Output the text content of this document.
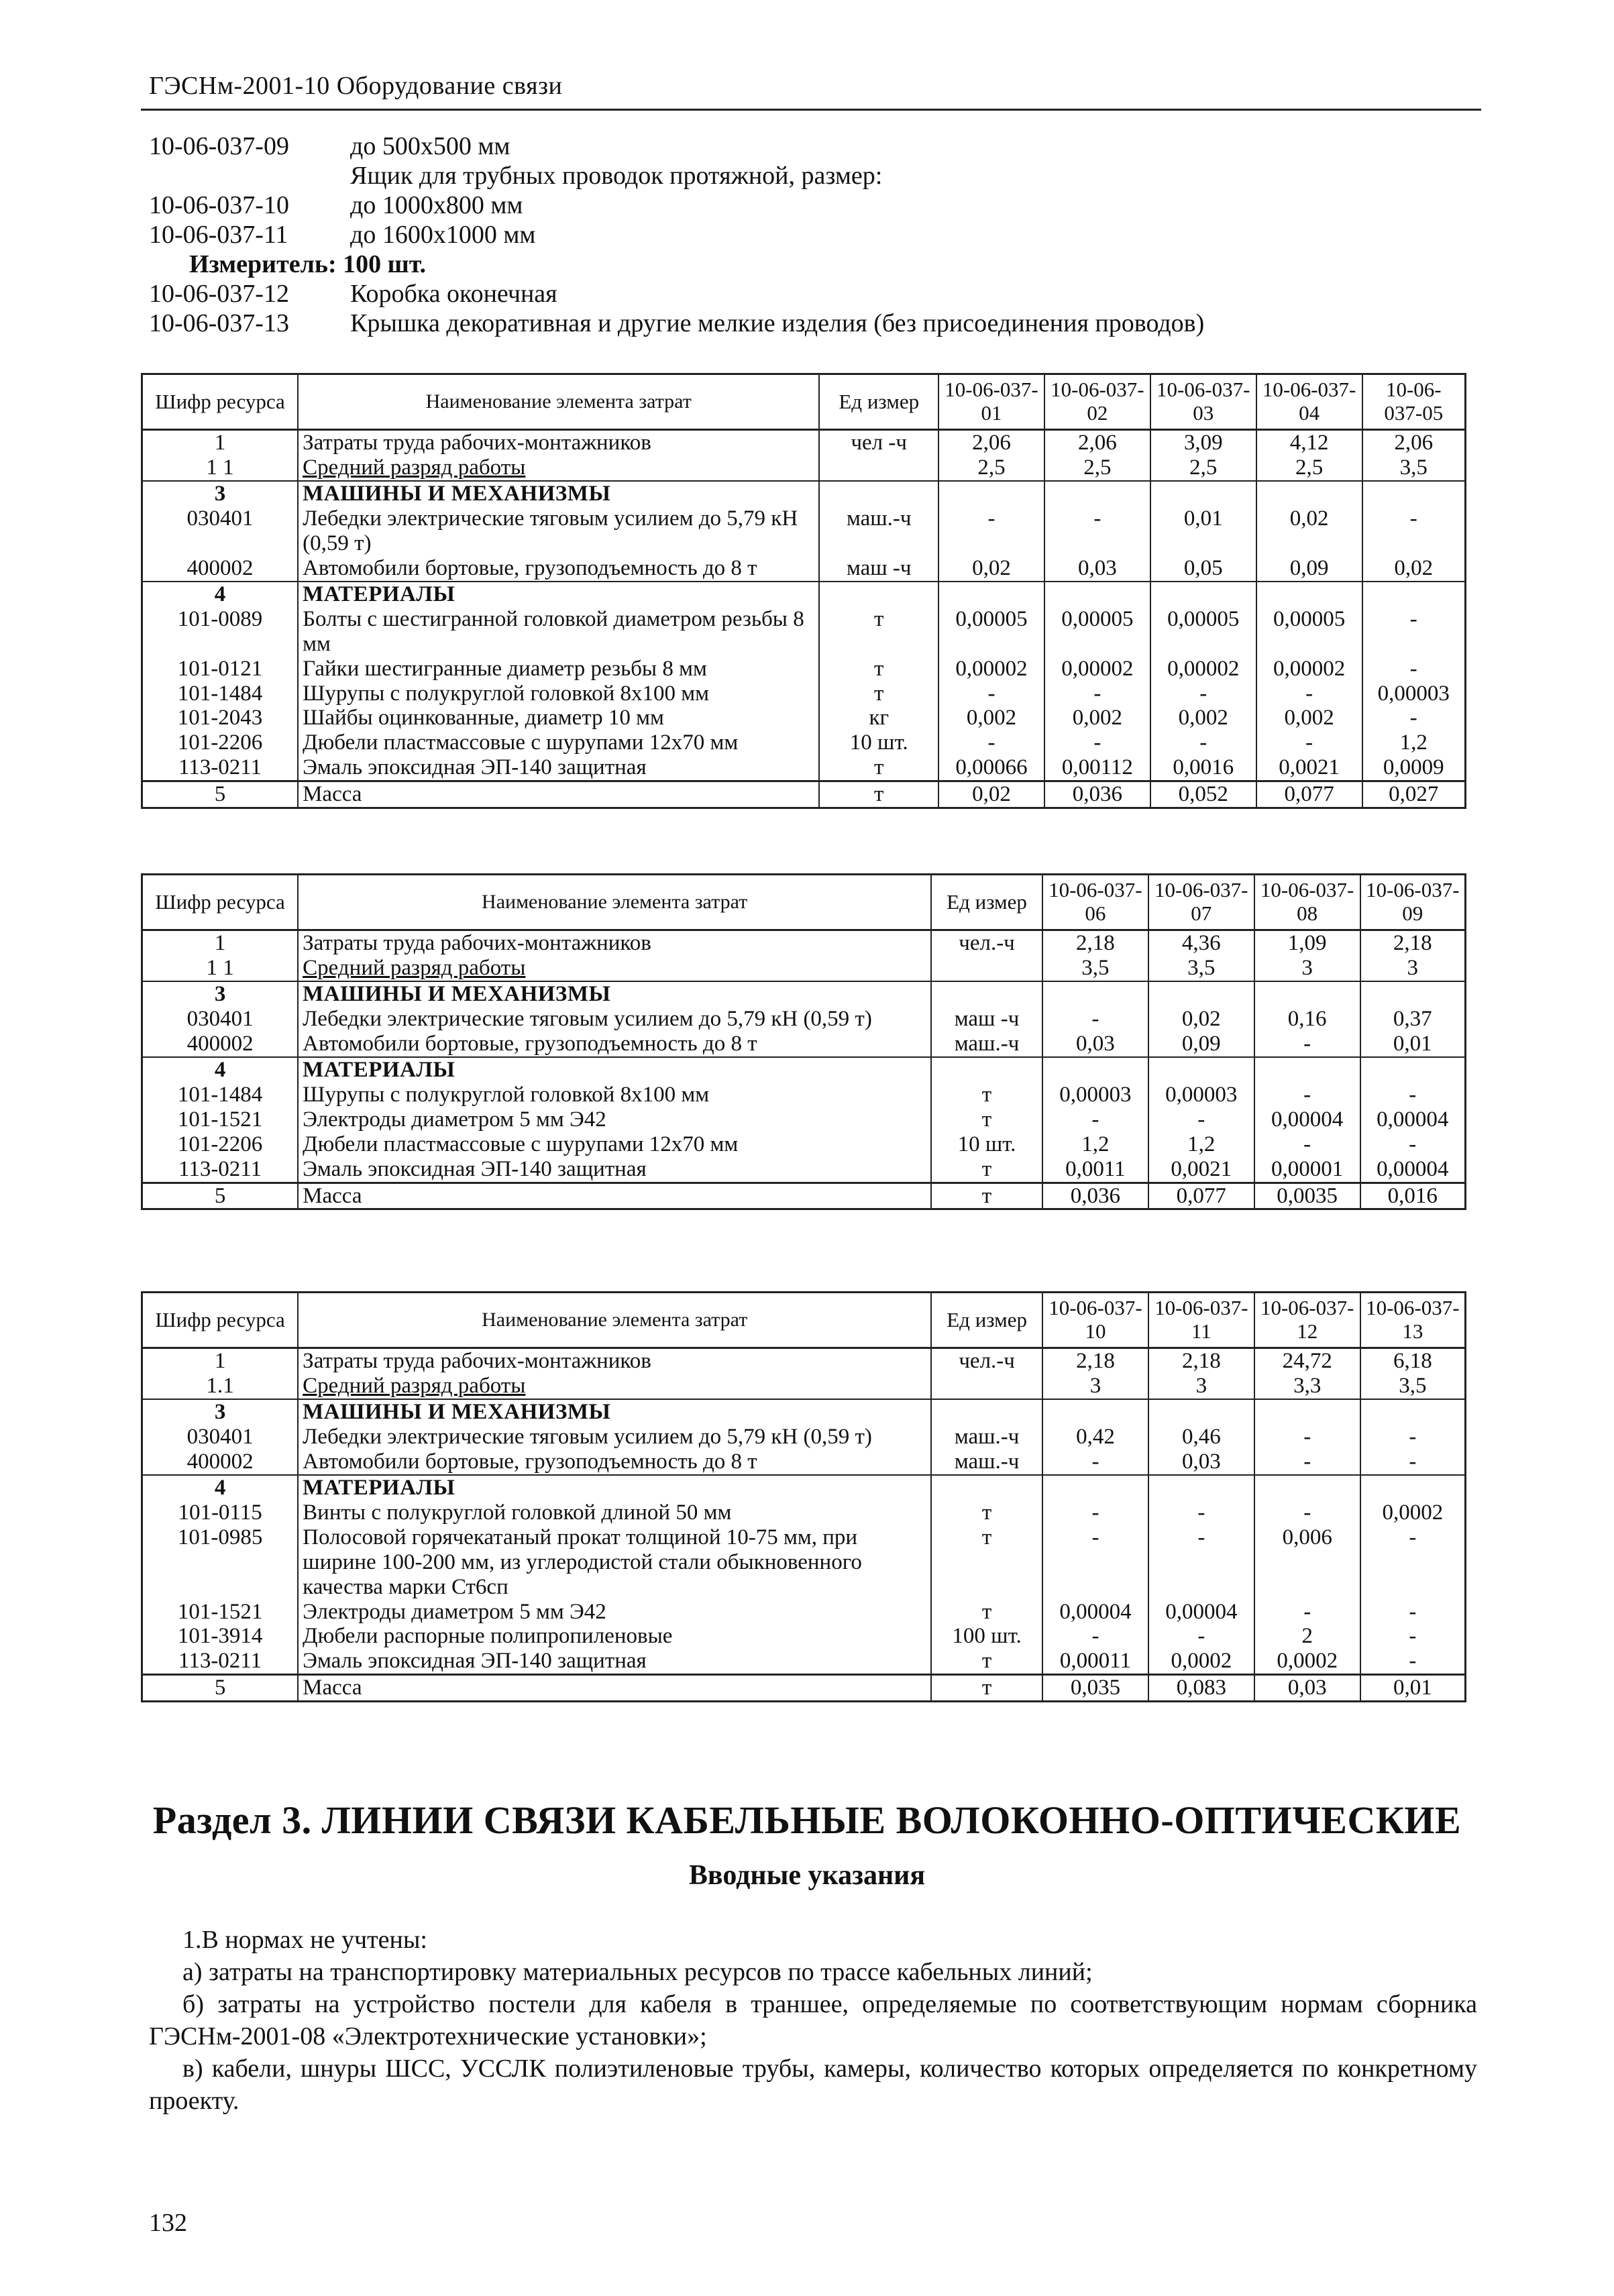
ГЭСНм-2001-10 Оборудование связи
10-06-037-09 до 500х500 мм
Ящик для трубных проводок протяжной, размер:
10-06-037-10 до 1000х800 мм
10-06-037-11 до 1600х1000 мм
Измеритель: 100 шт.
10-06-037-12 Коробка оконечная
10-06-037-13 Крышка декоративная и другие мелкие изделия (без присоединения проводов)
Шифр ресурса	Наименование элемента затрат	Ед измер	10-06-037-01	10-06-037-02	10-06-037-03	10-06-037-04	10-06-037-05
1	Затраты труда рабочих-монтажников	чел -ч	2,06	2,06	3,09	4,12	2,06
1 1	Средний разряд работы		2,5	2,5	2,5	2,5	3,5
3	МАШИНЫ И МЕХАНИЗМЫ						
030401	Лебедки электрические тяговым усилием до 5,79 кН (0,59 т)	маш.-ч	-	-	0,01	0,02	-
400002	Автомобили бортовые, грузоподъемность до 8 т	маш -ч	0,02	0,03	0,05	0,09	0,02
4	МАТЕРИАЛЫ						
101-0089	Болты с шестигранной головкой диаметром резьбы 8 мм	т	0,00005	0,00005	0,00005	0,00005	-
101-0121	Гайки шестигранные диаметр резьбы 8 мм	т	0,00002	0,00002	0,00002	0,00002	-
101-1484	Шурупы с полукруглой головкой 8х100 мм	т	-	-	-	-	0,00003
101-2043	Шайбы оцинкованные, диаметр 10 мм	кг	0,002	0,002	0,002	0,002	-
101-2206	Дюбели пластмассовые с шурупами 12х70 мм	10 шт.	-	-	-	-	1,2
113-0211	Эмаль эпоксидная ЭП-140 защитная	т	0,00066	0,00112	0,0016	0,0021	0,0009
5	Масса	т	0,02	0,036	0,052	0,077	0,027
Шифр ресурса	Наименование элемента затрат	Ед измер	10-06-037-06	10-06-037-07	10-06-037-08	10-06-037-09
1	Затраты труда рабочих-монтажников	чел.-ч	2,18	4,36	1,09	2,18
1 1	Средний разряд работы		3,5	3,5	3	3
3	МАШИНЫ И МЕХАНИЗМЫ					
030401	Лебедки электрические тяговым усилием до 5,79 кН (0,59 т)	маш -ч	-	0,02	0,16	0,37
400002	Автомобили бортовые, грузоподъемность до 8 т	маш.-ч	0,03	0,09	-	0,01
4	МАТЕРИАЛЫ					
101-1484	Шурупы с полукруглой головкой 8х100 мм	т	0,00003	0,00003	-	-
101-1521	Электроды диаметром 5 мм Э42	т	-	-	0,00004	0,00004
101-2206	Дюбели пластмассовые с шурупами 12х70 мм	10 шт.	1,2	1,2	-	-
113-0211	Эмаль эпоксидная ЭП-140 защитная	т	0,0011	0,0021	0,00001	0,00004
5	Масса	т	0,036	0,077	0,0035	0,016
Шифр ресурса	Наименование элемента затрат	Ед измер	10-06-037-10	10-06-037-11	10-06-037-12	10-06-037-13
1	Затраты труда рабочих-монтажников	чел.-ч	2,18	2,18	24,72	6,18
1.1	Средний разряд работы		3	3	3,3	3,5
3	МАШИНЫ И МЕХАНИЗМЫ					
030401	Лебедки электрические тяговым усилием до 5,79 кН (0,59 т)	маш.-ч	0,42	0,46	-	-
400002	Автомобили бортовые, грузоподъемность до 8 т	маш.-ч	-	0,03	-	-
4	МАТЕРИАЛЫ					
101-0115	Винты с полукруглой головкой длиной 50 мм	т	-	-	-	0,0002
101-0985	Полосовой горячекатаный прокат толщиной 10-75 мм, при ширине 100-200 мм, из углеродистой стали обыкновенного качества марки Ст6сп	т	-	-	0,006	-
101-1521	Электроды диаметром 5 мм Э42	т	0,00004	0,00004	-	-
101-3914	Дюбели распорные полипропиленовые	100 шт.	-	-	2	-
113-0211	Эмаль эпоксидная ЭП-140 защитная	т	0,00011	0,0002	0,0002	-
5	Масса	т	0,035	0,083	0,03	0,01
Раздел 3. ЛИНИИ СВЯЗИ КАБЕЛЬНЫЕ ВОЛОКОННО-ОПТИЧЕСКИЕ
Вводные указания

1.В нормах не учтены:

а) затраты на транспортировку материальных ресурсов по трассе кабельных линий;

б) затраты на устройство постели для кабеля в траншее, определяемые по соответствующим нормам сборника ГЭСНм-2001-08 «Электротехнические установки»;

в) кабели, шнуры ШСС, УССЛК полиэтиленовые трубы, камеры, количество которых определяется по конкретному проекту.

132
